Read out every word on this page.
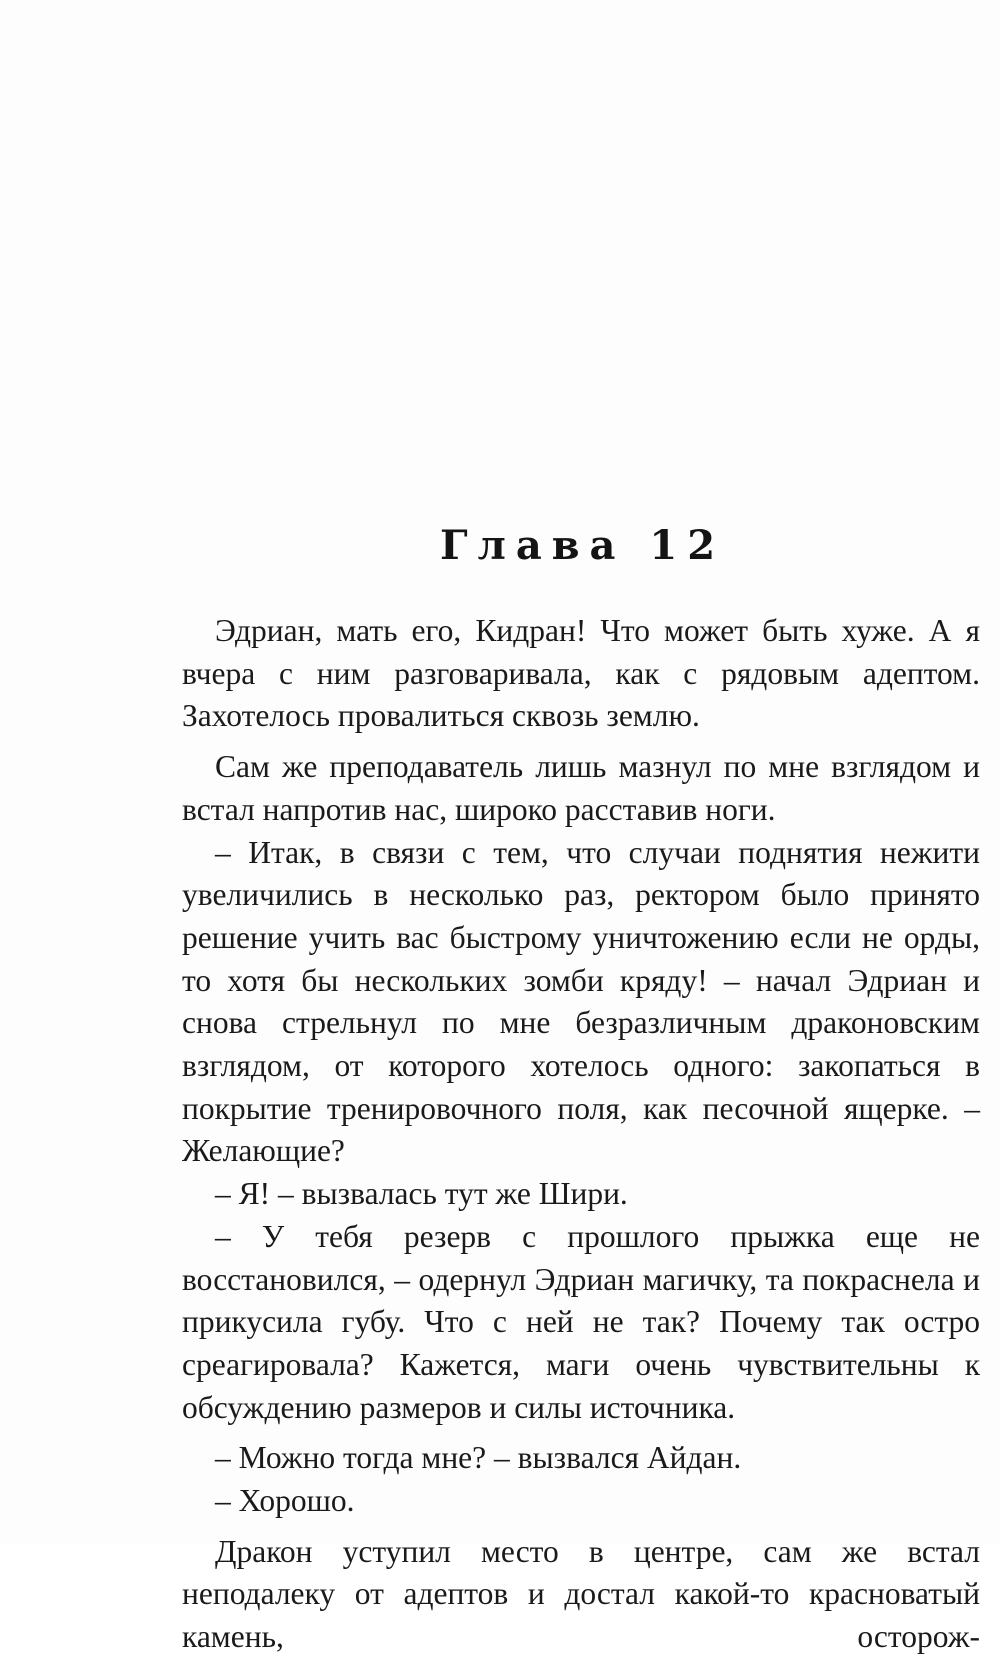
Глава 12

Эдриан, мать его, Кидран! Что может быть хуже. А я вчера с ним разговаривала, как с рядовым адептом. Захотелось провалиться сквозь землю.

Сам же преподаватель лишь мазнул по мне взглядом и встал напротив нас, широко расставив ноги.

– Итак, в связи с тем, что случаи поднятия нежити увеличились в несколько раз, ректором было принято решение учить вас быстрому уничтожению если не орды, то хотя бы нескольких зомби кряду! – начал Эдриан и снова стрельнул по мне безразличным драконовским взглядом, от которого хотелось одного: закопаться в покрытие тренировочного поля, как песочной ящерке. – Желающие?

– Я! – вызвалась тут же Шири.

– У тебя резерв с прошлого прыжка еще не восстановился, – одернул Эдриан магичку, та покраснела и прикусила губу. Что с ней не так? Почему так остро среагировала? Кажется, маги очень чувствительны к обсуждению размеров и силы источника.

– Можно тогда мне? – вызвался Айдан.

– Хорошо.

Дракон уступил место в центре, сам же встал неподалеку от адептов и достал какой-то красноватый камень, осторож-
